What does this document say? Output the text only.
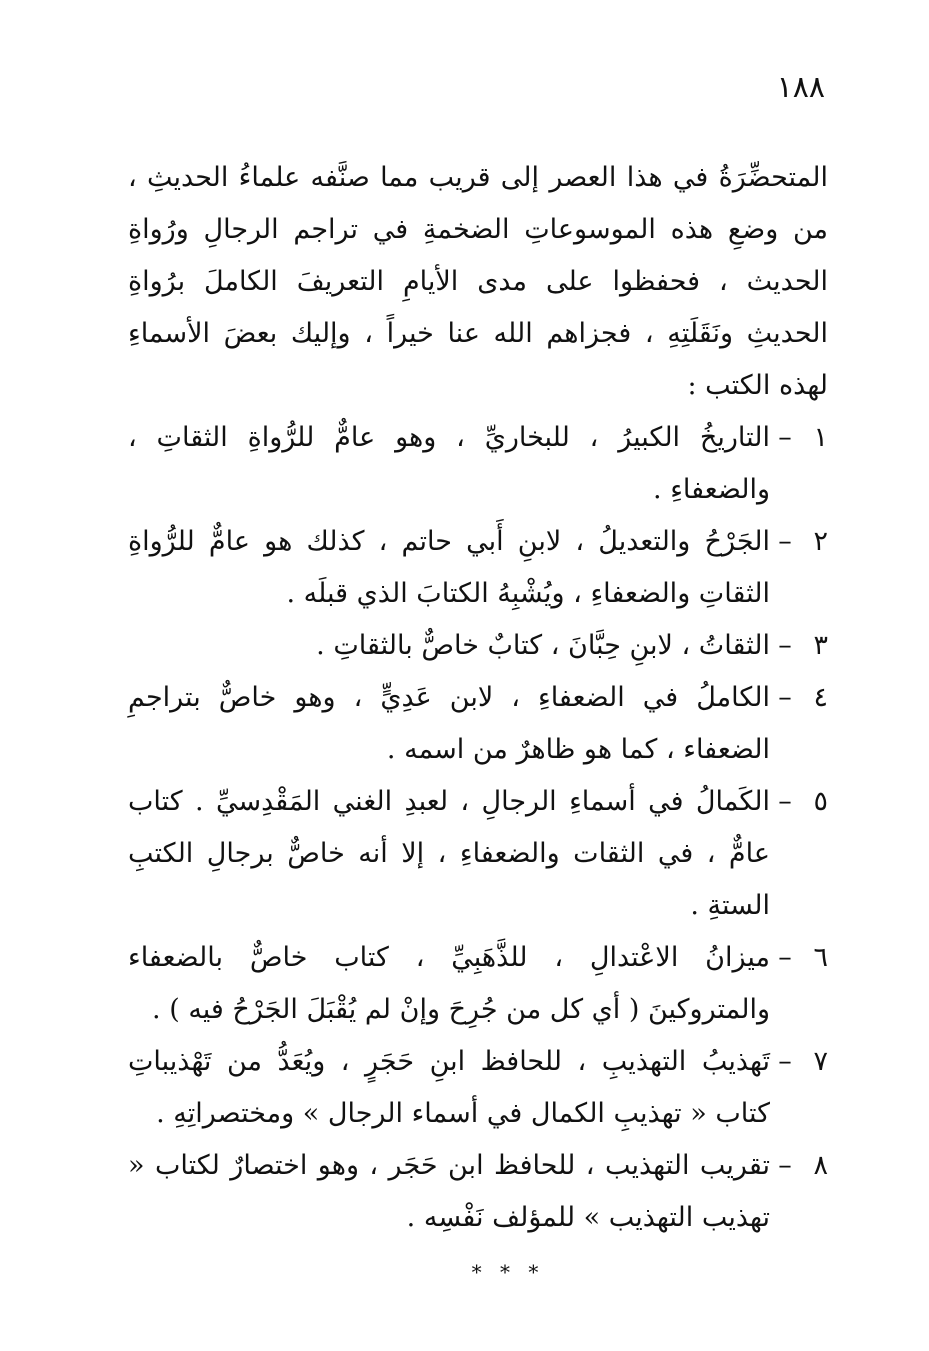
١٨٨

المتحضِّرَةُ في هذا العصر إلى قريب مما صنَّفه علماءُ الحديثِ ، من وضعِ هذه الموسوعاتِ الضخمةِ في تراجم الرجالِ ورُواةِ الحديث ، فحفظوا على مدى الأيامِ التعريفَ الكاملَ برُواةِ الحديثِ ونَقَلَتِهِ ، فجزاهم الله عنا خيراً ، وإليك بعضَ الأسماءِ لهذه الكتب :

١
–
التاريخُ الكبيرُ ، للبخاريِّ ، وهو عامٌّ للرُّواةِ الثقاتِ ، والضعفاءِ .
٢
–
الجَرْحُ والتعديلُ ، لابنِ أَبي حاتم ، كذلك هو عامٌّ للرُّواةِ الثقاتِ والضعفاءِ ، ويُشْبِهُ الكتابَ الذي قبلَه .
٣
–
الثقاتُ ، لابنِ حِبَّانَ ، كتابٌ خاصٌّ بالثقاتِ .
٤
–
الكاملُ في الضعفاءِ ، لابن عَدِيٍّ ، وهو خاصٌّ بتراجمِ الضعفاء ، كما هو ظاهرٌ من اسمه .
٥
–
الكَمالُ في أسماءِ الرجالِ ، لعبدِ الغني المَقْدِسيِّ . كتاب عامٌّ ، في الثقات والضعفاءِ ، إلا أنه خاصٌّ برجالِ الكتبِ الستةِ .
٦
–
ميزانُ الاعْتدالِ ، للذَّهَبِيِّ ، كتاب خاصٌّ بالضعفاء والمتروكينَ ( أي كل من جُرِحَ وإنْ لم يُقْبَلَ الجَرْحُ فيه ) .
٧
–
تَهذيبُ التهذيبِ ، للحافظ ابنِ حَجَرٍ ، ويُعَدُّ من تَهْذيباتِ كتاب « تهذيبِ الكمال في أسماء الرجال » ومختصراتِهِ .
٨
–
تقريب التهذيب ، للحافظ ابن حَجَر ، وهو اختصارٌ لكتاب « تهذيب التهذيب » للمؤلف نَفْسِه .
* * *
